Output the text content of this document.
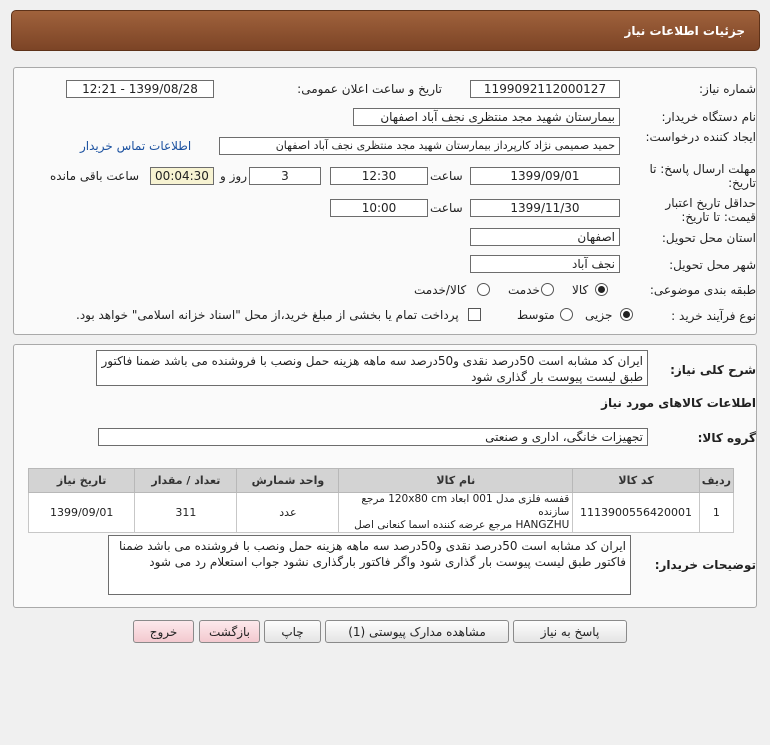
جزئیات اطلاعات نیاز
شماره نیاز:
1199092112000127
تاریخ و ساعت اعلان عمومی:
1399/08/28 - 12:21
نام دستگاه خریدار:
بیمارستان شهید مجد منتظری نجف آباد اصفهان
ایجاد کننده درخواست:
حمید صمیمی نژاد کارپرداز بیمارستان شهید مجد منتظری نجف آباد اصفهان
اطلاعات تماس خریدار
مهلت ارسال پاسخ: تا تاریخ:
1399/09/01
ساعت
12:30
3
روز و
00:04:30
ساعت باقی مانده
حداقل تاریخ اعتبار قیمت: تا تاریخ:
1399/11/30
ساعت
10:00
استان محل تحویل:
اصفهان
شهر محل تحویل:
نجف آباد
طبقه بندی موضوعی:
کالا
خدمت
کالا/خدمت
نوع فرآیند خرید :
جزیی
متوسط
پرداخت تمام یا بخشی از مبلغ خرید،از محل "اسناد خزانه اسلامی" خواهد بود.
شرح کلی نیاز:
ایران کد مشابه است 50درصد نقدی و50درصد سه ماهه هزینه حمل ونصب با فروشنده می باشد ضمنا فاکتور طبق لیست پیوست بار گذاری شود
اطلاعات کالاهای مورد نیاز
گروه کالا:
تجهیزات خانگی، اداری و صنعتی
ردیف	کد کالا	نام کالا	واحد شمارش	تعداد / مقدار	تاریخ نیاز
1	1113900556420001	قفسه فلزی مدل 001 ابعاد 120x80 cm مرجع سازنده
HANGZHU مرجع عرضه کننده اسما کنعانی اصل	عدد	311	1399/09/01
توضیحات خریدار:
ایران کد مشابه است 50درصد نقدی و50درصد سه ماهه هزینه حمل ونصب با فروشنده می باشد ضمنا فاکتور طبق لیست پیوست بار گذاری شود واگر فاکتور بارگذاری نشود جواب استعلام رد می شود
پاسخ به نیاز
مشاهده مدارک پیوستی (1)
چاپ
بازگشت
خروج
